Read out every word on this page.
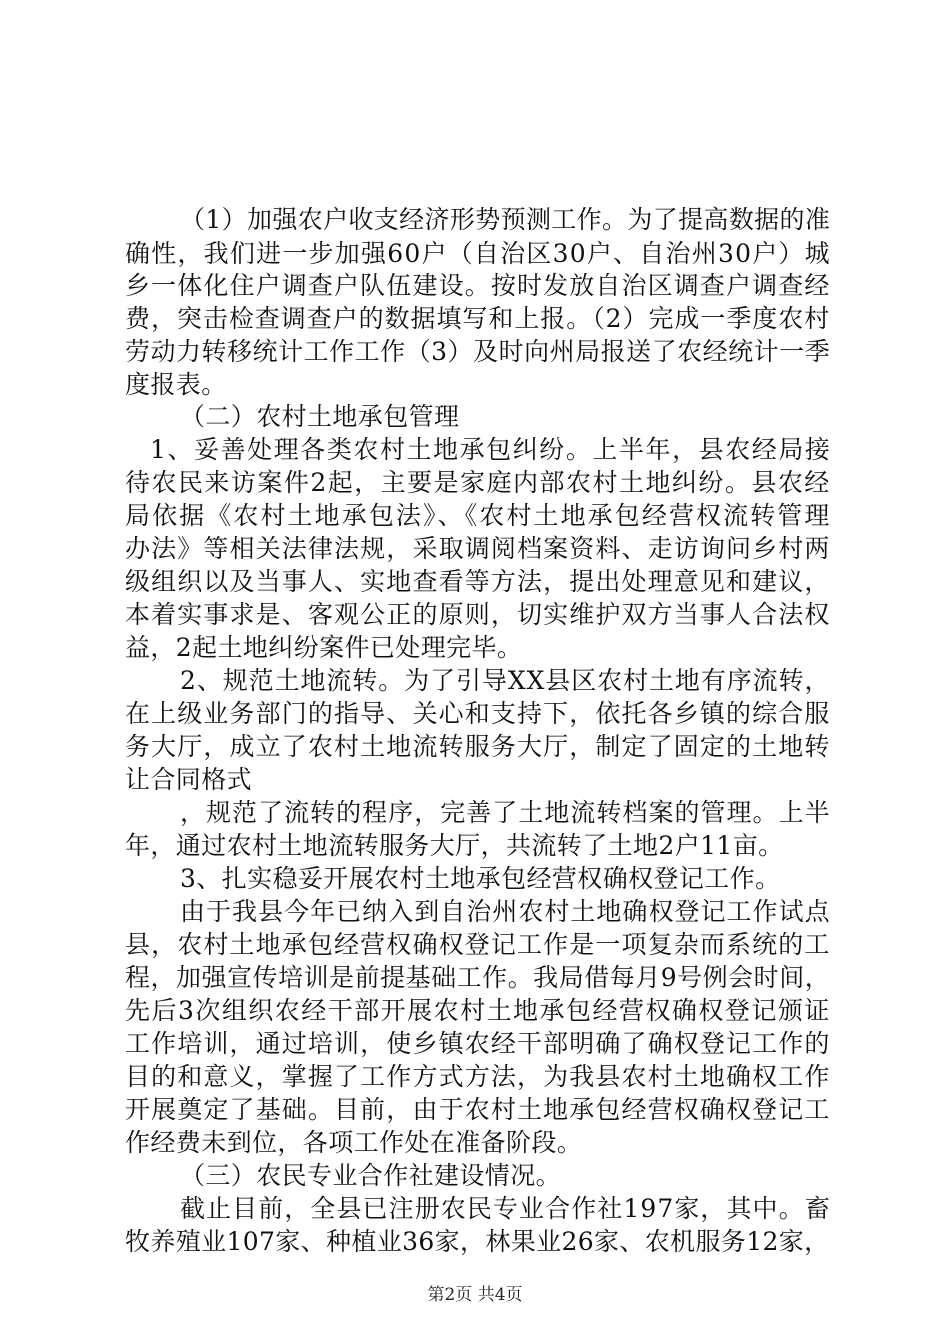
（1）加强农户收支经济形势预测工作。为了提高数据的准
确性，我们进一步加强60户（自治区30户、自治州30户）城
乡一体化住户调查户队伍建设。按时发放自治区调查户调查经
费，突击检查调查户的数据填写和上报。（2）完成一季度农村
劳动力转移统计工作工作（3）及时向州局报送了农经统计一季
度报表。
（二）农村土地承包管理
1、妥善处理各类农村土地承包纠纷。上半年，县农经局接
待农民来访案件2起，主要是家庭内部农村土地纠纷。县农经
局依据《农村土地承包法》、《农村土地承包经营权流转管理
办法》等相关法律法规，采取调阅档案资料、走访询问乡村两
级组织以及当事人、实地查看等方法，提出处理意见和建议，
本着实事求是、客观公正的原则，切实维护双方当事人合法权
益，2起土地纠纷案件已处理完毕。
2、规范土地流转。为了引导XX县区农村土地有序流转，
在上级业务部门的指导、关心和支持下，依托各乡镇的综合服
务大厅，成立了农村土地流转服务大厅，制定了固定的土地转
让合同格式
，规范了流转的程序，完善了土地流转档案的管理。上半
年，通过农村土地流转服务大厅，共流转了土地2户11亩。
3、扎实稳妥开展农村土地承包经营权确权登记工作。
由于我县今年已纳入到自治州农村土地确权登记工作试点
县，农村土地承包经营权确权登记工作是一项复杂而系统的工
程，加强宣传培训是前提基础工作。我局借每月9号例会时间，
先后3次组织农经干部开展农村土地承包经营权确权登记颁证
工作培训，通过培训，使乡镇农经干部明确了确权登记工作的
目的和意义，掌握了工作方式方法，为我县农村土地确权工作
开展奠定了基础。目前，由于农村土地承包经营权确权登记工
作经费未到位，各项工作处在准备阶段。
（三）农民专业合作社建设情况。
截止目前，全县已注册农民专业合作社197家，其中。畜
牧养殖业107家、种植业36家，林果业26家、农机服务12家，
第2页 共4页
